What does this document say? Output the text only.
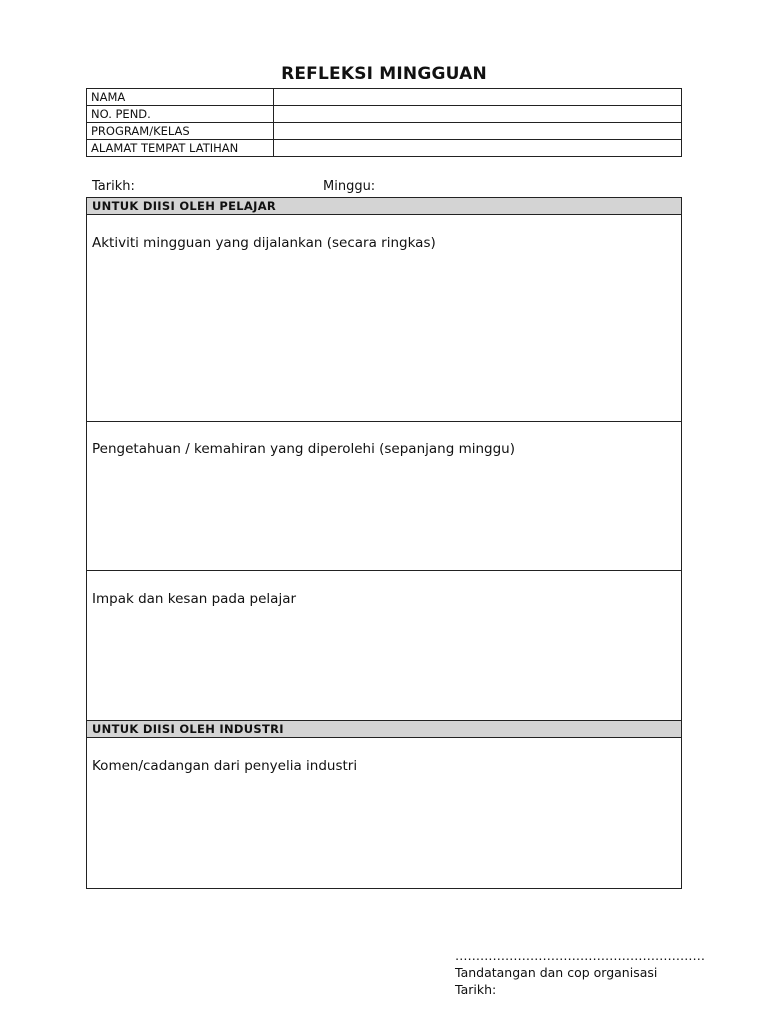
REFLEKSI MINGGUAN
NAMA	
NO. PEND.	
PROGRAM/KELAS	
ALAMAT TEMPAT LATIHAN	
Tarikh:	Minggu:
UNTUK DIISI OLEH PELAJAR
Aktiviti mingguan yang dijalankan (secara ringkas)
Pengetahuan / kemahiran yang diperolehi (sepanjang minggu)
Impak dan kesan pada pelajar
UNTUK DIISI OLEH INDUSTRI
Komen/cadangan dari penyelia industri
……………………………………………………
Tandatangan dan cop organisasi
Tarikh:
